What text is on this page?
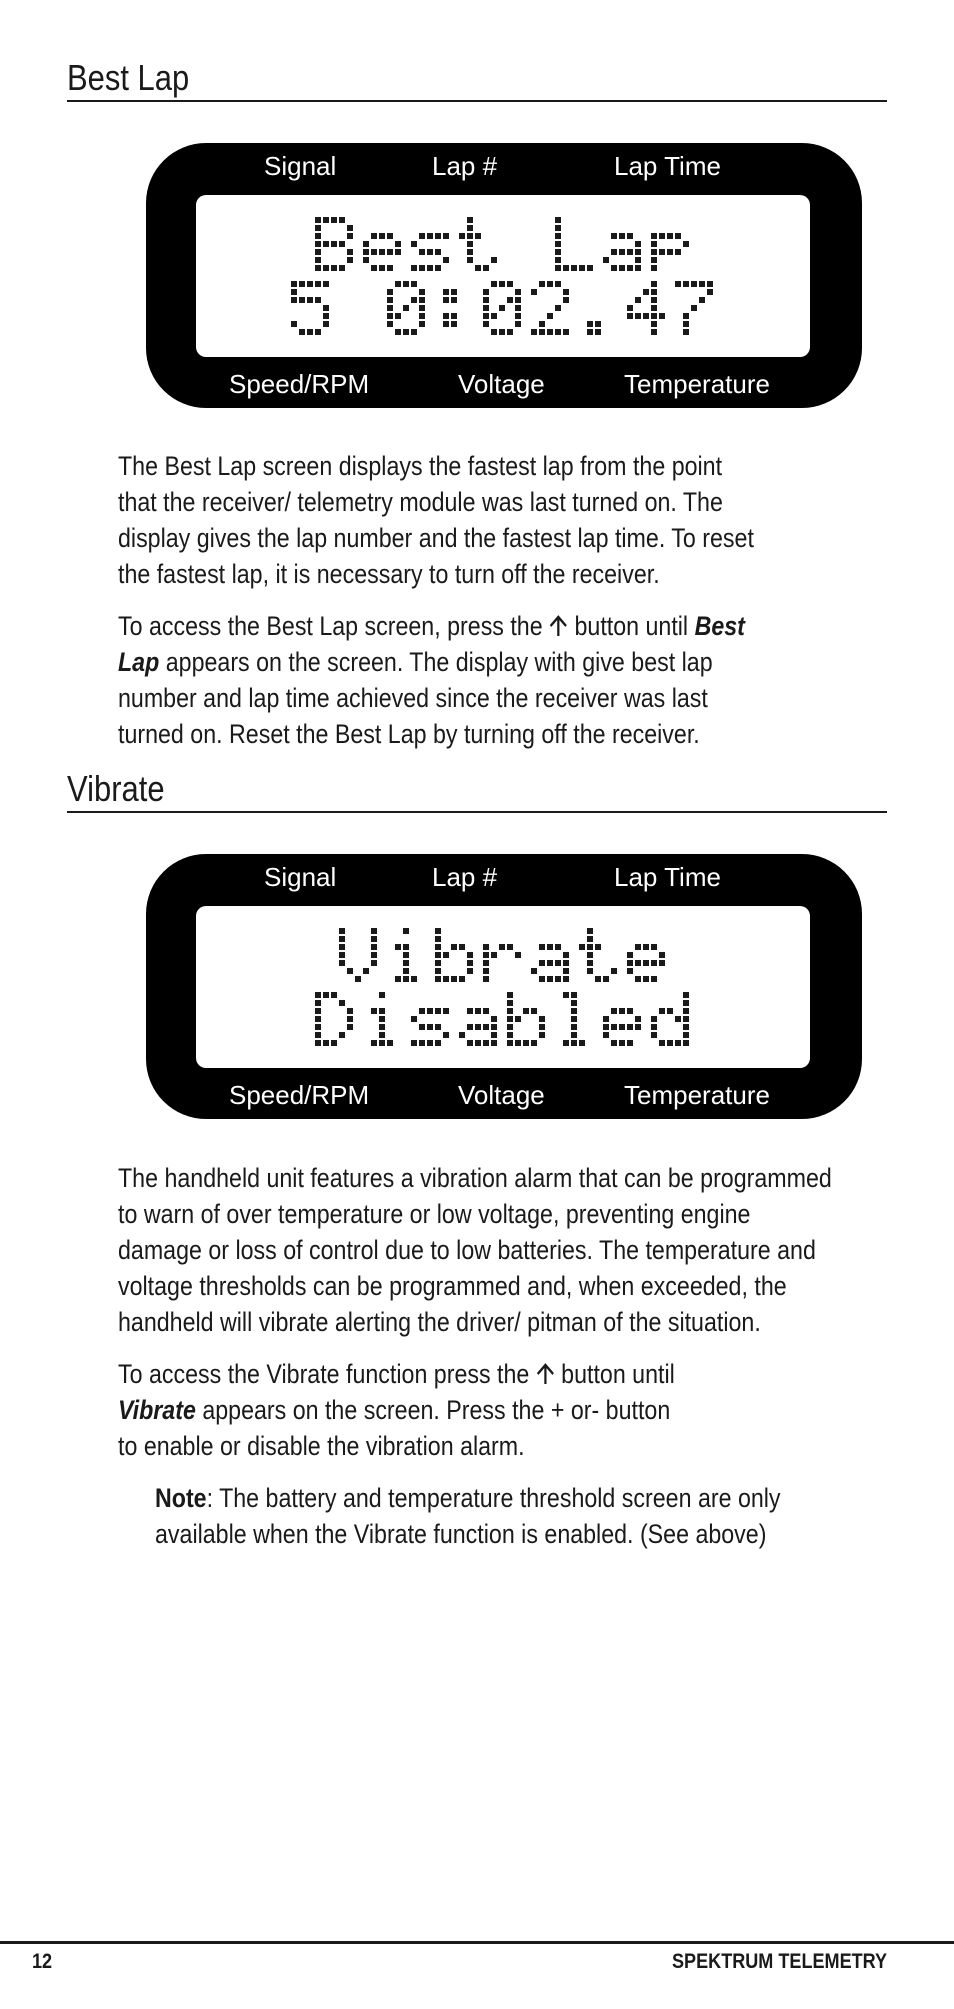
Best Lap
Signal	Lap #	Lap Time
Speed/RPM	Voltage	Temperature
The Best Lap screen displays the fastest lap from the point
that the receiver/ telemetry module was last turned on. The
display gives the lap number and the fastest lap time. To reset
the fastest lap, it is necessary to turn off the receiver.
To access the Best Lap screen, press the button until Best
Lap appears on the screen. The display with give best lap
number and lap time achieved since the receiver was last
turned on. Reset the Best Lap by turning off the receiver.
Vibrate
Signal	Lap #	Lap Time
Speed/RPM	Voltage	Temperature
The handheld unit features a vibration alarm that can be programmed
to warn of over temperature or low voltage, preventing engine
damage or loss of control due to low batteries. The temperature and
voltage thresholds can be programmed and, when exceeded, the
handheld will vibrate alerting the driver/ pitman of the situation.
To access the Vibrate function press the button until
Vibrate appears on the screen. Press the + or- button
to enable or disable the vibration alarm.
Note: The battery and temperature threshold screen are only
available when the Vibrate function is enabled. (See above)
12	SPEKTRUM TELEMETRY
